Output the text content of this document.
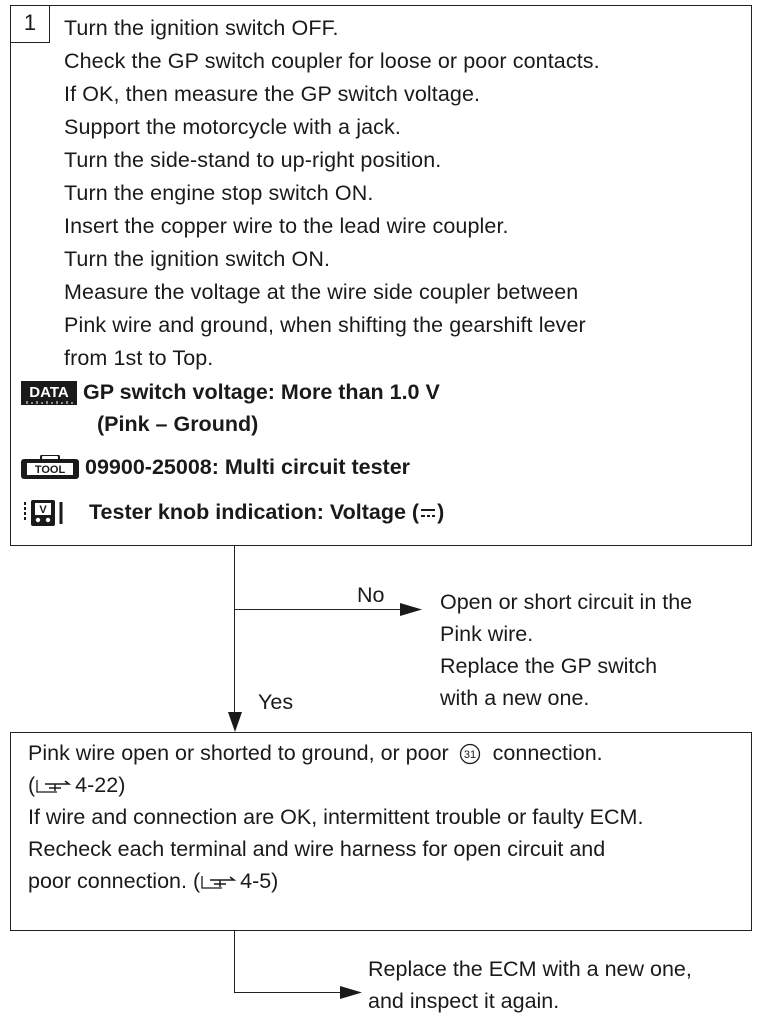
1	Turn the ignition switch OFF.
Check the GP switch coupler for loose or poor contacts.
If OK, then measure the GP switch voltage.
Support the motorcycle with a jack.
Turn the side-stand to up-right position.
Turn the engine stop switch ON.
Insert the copper wire to the lead wire coupler.
Turn the ignition switch ON.
Measure the voltage at the wire side coupler between
Pink wire and ground, when shifting the gearshift lever
from 1st to Top.
DATA GP switch voltage: More than 1.0 V
(Pink – Ground)
TOOL 09900-25008: Multi circuit tester
V Tester knob indication: Voltage ( )
No
Yes
Open or short circuit in the
Pink wire.
Replace the GP switch
with a new one.
Pink wire open or shorted to ground, or poor 31 connection.
( 4-22)
If wire and connection are OK, intermittent trouble or faulty ECM.
Recheck each terminal and wire harness for open circuit and
poor connection. ( 4-5)
Replace the ECM with a new one,
and inspect it again.
